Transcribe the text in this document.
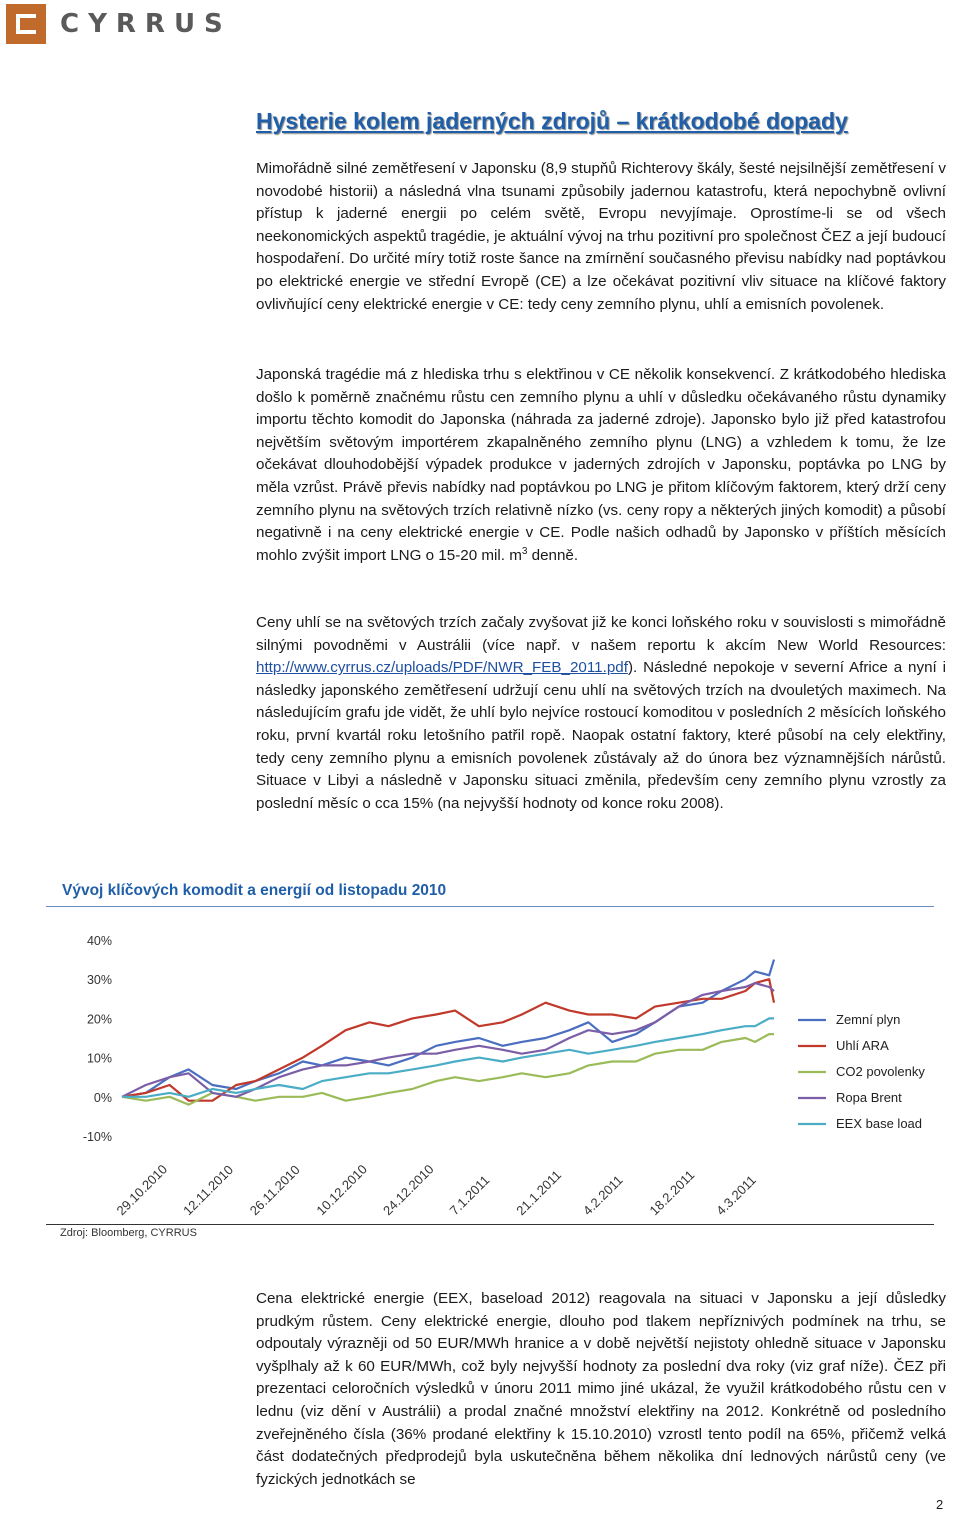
CYRRUS
Hysterie kolem jaderných zdrojů – krátkodobé dopady

Mimořádně silné zemětřesení v Japonsku (8,9 stupňů Richterovy škály, šesté nejsilnější zemětřesení v novodobé historii) a následná vlna tsunami způsobily jadernou katastrofu, která nepochybně ovlivní přístup k jaderné energii po celém světě, Evropu nevyjímaje. Oprostíme-li se od všech neekonomických aspektů tragédie, je aktuální vývoj na trhu pozitivní pro společnost ČEZ a její budoucí hospodaření. Do určité míry totiž roste šance na zmírnění současného převisu nabídky nad poptávkou po elektrické energie ve střední Evropě (CE) a lze očekávat pozitivní vliv situace na klíčové faktory ovlivňující ceny elektrické energie v CE: tedy ceny zemního plynu, uhlí a emisních povolenek.

Japonská tragédie má z hlediska trhu s elektřinou v CE několik konsekvencí. Z krátkodobého hlediska došlo k poměrně značnému růstu cen zemního plynu a uhlí v důsledku očekávaného růstu dynamiky importu těchto komodit do Japonska (náhrada za jaderné zdroje). Japonsko bylo již před katastrofou největším světovým importérem zkapalněného zemního plynu (LNG) a vzhledem k tomu, že lze očekávat dlouhodobější výpadek produkce v jaderných zdrojích v Japonsku, poptávka po LNG by měla vzrůst. Právě převis nabídky nad poptávkou po LNG je přitom klíčovým faktorem, který drží ceny zemního plynu na světových trzích relativně nízko (vs. ceny ropy a některých jiných komodit) a působí negativně i na ceny elektrické energie v CE. Podle našich odhadů by Japonsko v příštích měsících mohlo zvýšit import LNG o 15-20 mil. $m^3$ denně.

Ceny uhlí se na světových trzích začaly zvyšovat již ke konci loňského roku v souvislosti s mimořádně silnými povodněmi v Austrálii (více např. v našem reportu k akcím New World Resources: http://www.cyrrus.cz/uploads/PDF/NWR_FEB_2011.pdf). Následné nepokoje v severní Africe a nyní i následky japonského zemětřesení udržují cenu uhlí na světových trzích na dvouletých maximech. Na následujícím grafu jde vidět, že uhlí bylo nejvíce rostoucí komoditou v posledních 2 měsících loňského roku, první kvartál roku letošního patřil ropě. Naopak ostatní faktory, které působí na cely elektřiny, tedy ceny zemního plynu a emisních povolenek zůstávaly až do února bez významnějších nárůstů. Situace v Libyi a následně v Japonsku situaci změnila, především ceny zemního plynu vzrostly za poslední měsíc o cca 15% (na nejvyšší hodnoty od konce roku 2008).

Vývoj klíčových komodit a energií od listopadu 2010
-10%
0%
10%
20%
30%
40%
29.10.2010 12.11.2010 26.11.2010 10.12.2010 24.12.2010 7.1.2011 21.1.2011 4.2.2011 18.2.2011 4.3.2011
Zemní plyn
Uhlí ARA
CO2 povolenky
Ropa Brent
EEX base load
Zdroj: Bloomberg, CYRRUS

Cena elektrické energie (EEX, baseload 2012) reagovala na situaci v Japonsku a její důsledky prudkým růstem. Ceny elektrické energie, dlouho pod tlakem nepříznivých podmínek na trhu, se odpoutaly výrazněji od 50 EUR/MWh hranice a v době největší nejistoty ohledně situace v Japonsku vyšplhaly až k 60 EUR/MWh, což byly nejvyšší hodnoty za poslední dva roky (viz graf níže). ČEZ při prezentaci celoročních výsledků v únoru 2011 mimo jiné ukázal, že využil krátkodobého růstu cen v lednu (viz dění v Austrálii) a prodal značné množství elektřiny na 2012. Konkrétně od posledního zveřejněného čísla (36% prodané elektřiny k 15.10.2010) vzrostl tento podíl na 65%, přičemž velká část dodatečných předprodejů byla uskutečněna během několika dní lednových nárůstů ceny (ve fyzických jednotkách se

2
